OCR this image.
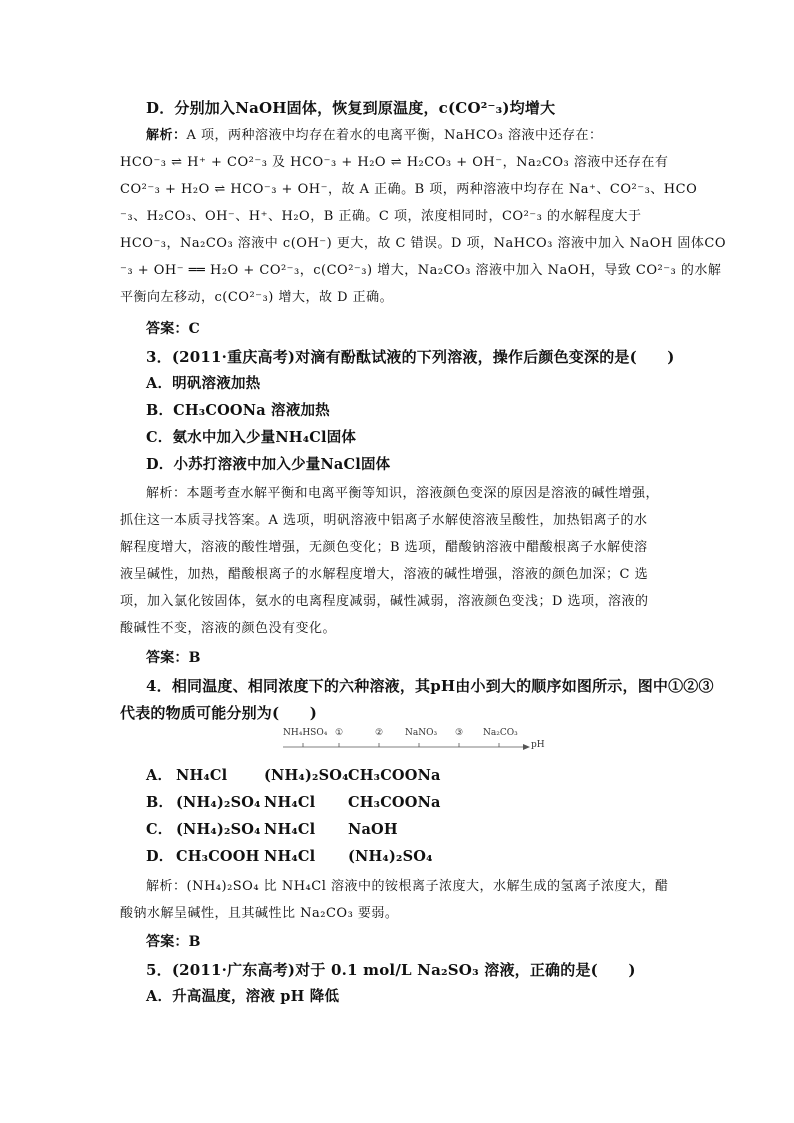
D．分别加入NaOH固体，恢复到原温度，c(CO²⁻₃)均增大
解析：A 项，两种溶液中均存在着水的电离平衡，NaHCO₃ 溶液中还存在：
HCO⁻₃ ⇌ H⁺ + CO²⁻₃ 及 HCO⁻₃ + H₂O ⇌ H₂CO₃ + OH⁻，Na₂CO₃ 溶液中还存在有
CO²⁻₃ + H₂O ⇌ HCO⁻₃ + OH⁻，故 A 正确。B 项，两种溶液中均存在 Na⁺、CO²⁻₃、HCO
⁻₃、H₂CO₃、OH⁻、H⁺、H₂O，B 正确。C 项，浓度相同时，CO²⁻₃ 的水解程度大于
HCO⁻₃，Na₂CO₃ 溶液中 c(OH⁻) 更大，故 C 错误。D 项，NaHCO₃ 溶液中加入 NaOH 固体CO
⁻₃ + OH⁻ ══ H₂O + CO²⁻₃，c(CO²⁻₃) 增大，Na₂CO₃ 溶液中加入 NaOH，导致 CO²⁻₃ 的水解
平衡向左移动，c(CO²⁻₃) 增大，故 D 正确。
答案：C
3．(2011·重庆高考)对滴有酚酞试液的下列溶液，操作后颜色变深的是(　　)
A．明矾溶液加热
B．CH₃COONa 溶液加热
C．氨水中加入少量NH₄Cl固体
D．小苏打溶液中加入少量NaCl固体
解析：本题考查水解平衡和电离平衡等知识，溶液颜色变深的原因是溶液的碱性增强，
抓住这一本质寻找答案。A 选项，明矾溶液中铝离子水解使溶液呈酸性，加热铝离子的水
解程度增大，溶液的酸性增强，无颜色变化；B 选项，醋酸钠溶液中醋酸根离子水解使溶
液呈碱性，加热，醋酸根离子的水解程度增大，溶液的碱性增强，溶液的颜色加深；C 选
项，加入氯化铵固体，氨水的电离程度减弱，碱性减弱，溶液颜色变浅；D 选项，溶液的
酸碱性不变，溶液的颜色没有变化。
答案：B
4．相同温度、相同浓度下的六种溶液，其pH由小到大的顺序如图所示，图中①②③
代表的物质可能分别为(　　)
NH₄HSO₄ ①	② NaNO₃ ③ Na₂CO₃
pH
A． NH₄Cl	(NH₄)₂SO₄CH₃COONa
B． (NH₄)₂SO₄ NH₄Cl CH₃COONa
C． (NH₄)₂SO₄ NH₄Cl NaOH
D． CH₃COOH NH₄Cl (NH₄)₂SO₄
解析：(NH₄)₂SO₄ 比 NH₄Cl 溶液中的铵根离子浓度大，水解生成的氢离子浓度大，醋
酸钠水解呈碱性，且其碱性比 Na₂CO₃ 要弱。
答案：B
5．(2011·广东高考)对于 0.1 mol/L Na₂SO₃ 溶液，正确的是(　　)
A．升高温度，溶液 pH 降低
